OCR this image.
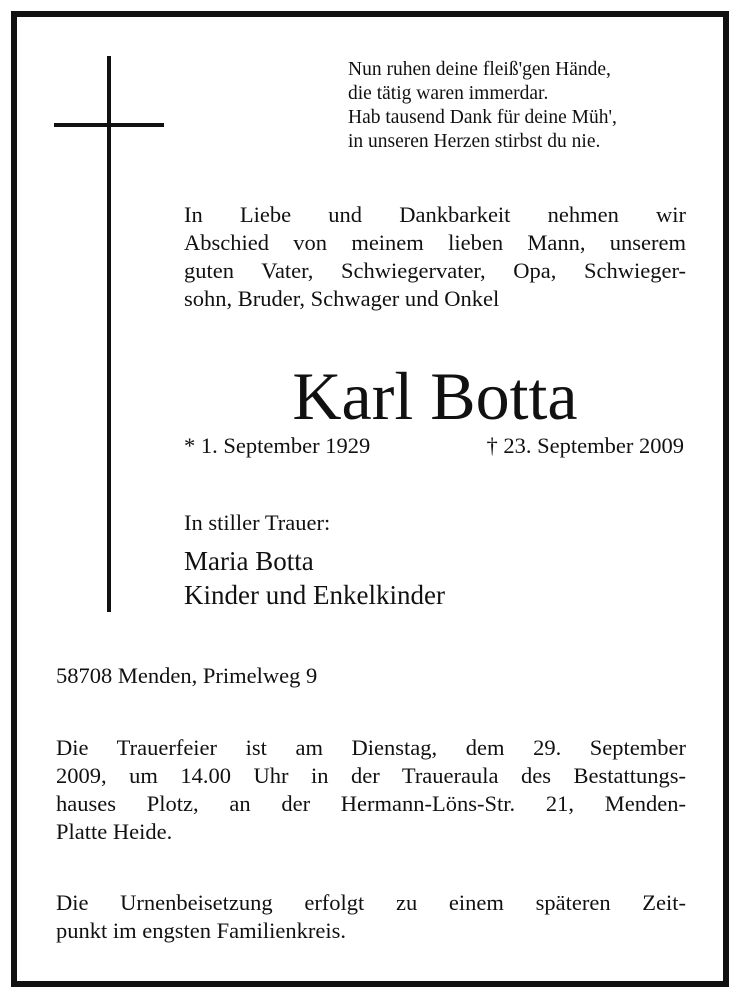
Nun ruhen deine fleiß'gen Hände,
die tätig waren immerdar.
Hab tausend Dank für deine Müh',
in unseren Herzen stirbst du nie.
In Liebe und Dankbarkeit nehmen wir
Abschied von meinem lieben Mann, unserem
guten Vater, Schwiegervater, Opa, Schwieger-
sohn, Bruder, Schwager und Onkel
Karl Botta
* 1. September 1929	† 23. September 2009
In stiller Trauer:
Maria Botta
Kinder und Enkelkinder
58708 Menden, Primelweg 9
Die Trauerfeier ist am Dienstag, dem 29. September
2009, um 14.00 Uhr in der Traueraula des Bestattungs-
hauses Plotz, an der Hermann-Löns-Str. 21, Menden-
Platte Heide.
Die Urnenbeisetzung erfolgt zu einem späteren Zeit-
punkt im engsten Familienkreis.
